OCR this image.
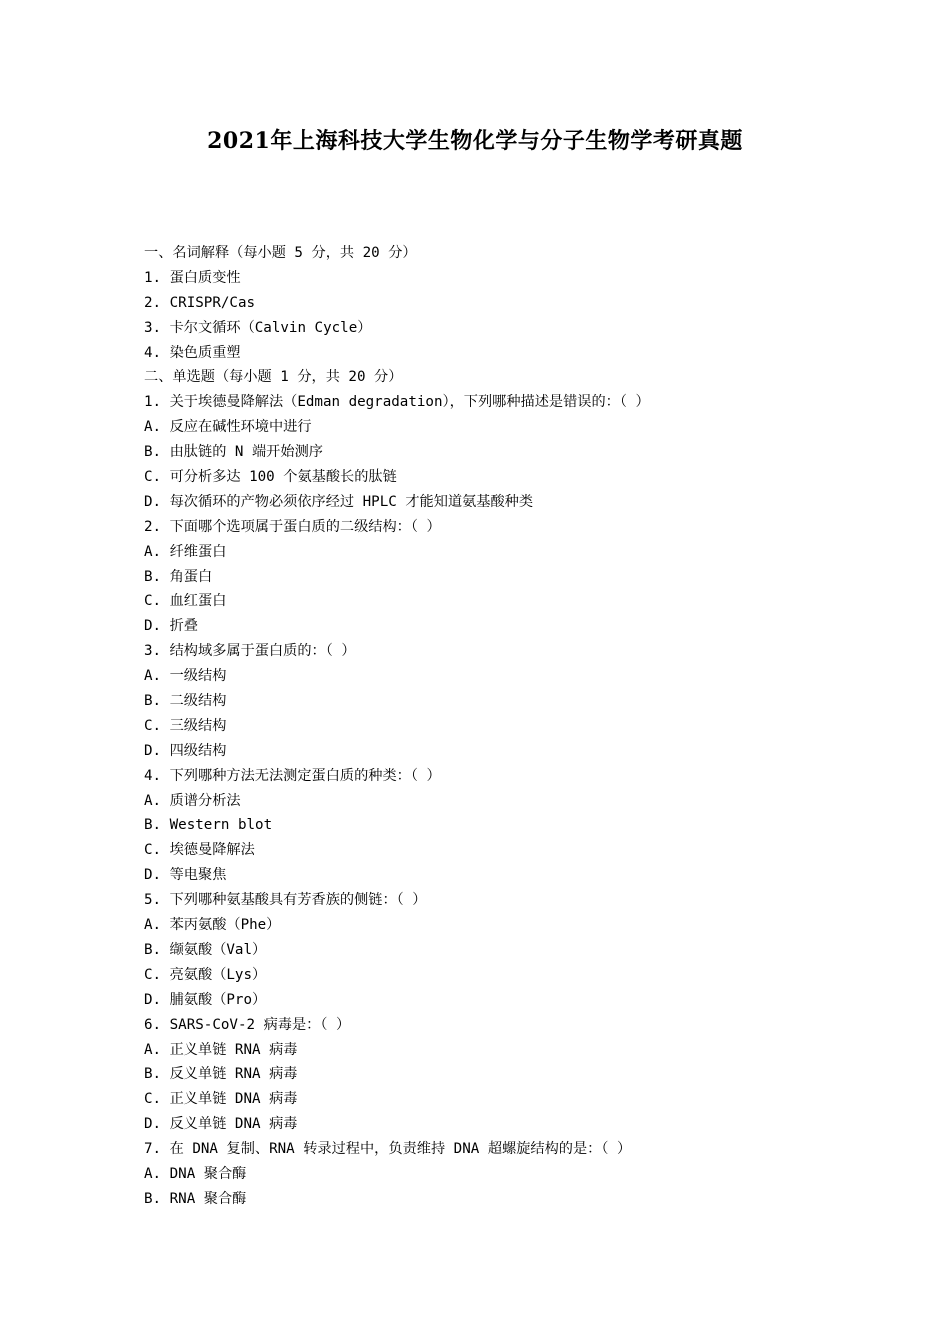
2021年上海科技大学生物化学与分子生物学考研真题
一、名词解释（每小题 5 分，共 20 分）
1. 蛋白质变性
2. CRISPR/Cas
3. 卡尔文循环（Calvin Cycle）
4. 染色质重塑
二、单选题（每小题 1 分，共 20 分）
1. 关于埃德曼降解法（Edman degradation），下列哪种描述是错误的：（ ）
A. 反应在碱性环境中进行
B. 由肽链的 N 端开始测序
C. 可分析多达 100 个氨基酸长的肽链
D. 每次循环的产物必须依序经过 HPLC 才能知道氨基酸种类
2. 下面哪个选项属于蛋白质的二级结构：（ ）
A. 纤维蛋白
B. 角蛋白
C. 血红蛋白
D. 折叠
3. 结构域多属于蛋白质的：（ ）
A. 一级结构
B. 二级结构
C. 三级结构
D. 四级结构
4. 下列哪种方法无法测定蛋白质的种类：（ ）
A. 质谱分析法
B. Western blot
C. 埃德曼降解法
D. 等电聚焦
5. 下列哪种氨基酸具有芳香族的侧链：（ ）
A. 苯丙氨酸（Phe）
B. 缬氨酸（Val）
C. 亮氨酸（Lys）
D. 脯氨酸（Pro）
6. SARS-CoV-2 病毒是：（ ）
A. 正义单链 RNA 病毒
B. 反义单链 RNA 病毒
C. 正义单链 DNA 病毒
D. 反义单链 DNA 病毒
7. 在 DNA 复制、RNA 转录过程中，负责维持 DNA 超螺旋结构的是：（ ）
A. DNA 聚合酶
B. RNA 聚合酶
